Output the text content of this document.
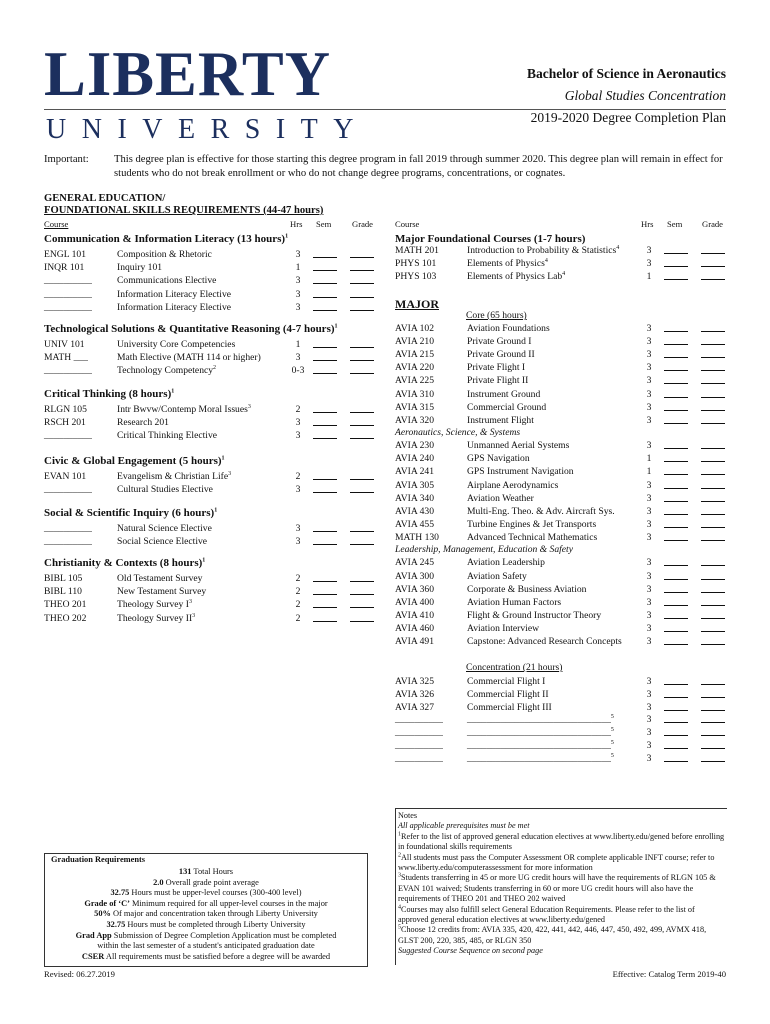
LIBERTY
UNIVERSITY
Bachelor of Science in Aeronautics
Global Studies Concentration
2019-2020 Degree Completion Plan
Important: This degree plan is effective for those starting this degree program in fall 2019 through summer 2020. This degree plan will remain in effect for students who do not break enrollment or who do not change degree programs, concentrations, or cognates.
GENERAL EDUCATION/
FOUNDATIONAL SKILLS REQUIREMENTS (44-47 hours)
Course	Hrs Sem Grade	Course	Hrs Sem Grade
Communication & Information Literacy (13 hours)$^1$
ENGL 101	Composition & Rhetoric	3
INQR 101	Inquiry 101	1
__________	Communications Elective	3
__________	Information Literacy Elective	3
__________	Information Literacy Elective	3
Technological Solutions & Quantitative Reasoning (4-7 hours)$^1$
UNIV 101	University Core Competencies	1
MATH ___	Math Elective (MATH 114 or higher)	3
__________	Technology Competency$^2$	0-3
Critical Thinking (8 hours)$^1$
RLGN 105	Intr Bwvw/Contemp Moral Issues$^3$	2
RSCH 201	Research 201	3
__________	Critical Thinking Elective	3
Civic & Global Engagement (5 hours)$^1$
EVAN 101	Evangelism & Christian Life$^3$	2
__________	Cultural Studies Elective	3
Social & Scientific Inquiry (6 hours)$^1$
__________	Natural Science Elective	3
__________	Social Science Elective	3
Christianity & Contexts (8 hours)$^1$
BIBL 105	Old Testament Survey	2
BIBL 110	New Testament Survey	2
THEO 201	Theology Survey $I^3$	2
THEO 202	Theology Survey $II^3$	2
Major Foundational Courses (1-7 hours)
MATH 201	Introduction to Probability & Statistics$^4$	3
PHYS 101	Elements of Physics$^4$	3
PHYS 103	Elements of Physics Lab$^4$	1
Core (65 hours)
AVIA 102	Aviation Foundations	3
AVIA 210	Private Ground I	3
AVIA 215	Private Ground II	3
AVIA 220	Private Flight I	3
AVIA 225	Private Flight II	3
AVIA 310	Instrument Ground	3
AVIA 315	Commercial Ground	3
AVIA 320	Instrument Flight	3
Aeronautics, Science, & Systems
AVIA 230	Unmanned Aerial Systems	3
AVIA 240	GPS Navigation	1
AVIA 241	GPS Instrument Navigation	1
AVIA 305	Airplane Aerodynamics	3
AVIA 340	Aviation Weather	3
AVIA 430	Multi-Eng. Theo. & Adv. Aircraft Sys.	3
AVIA 455	Turbine Engines & Jet Transports	3
MATH 130	Advanced Technical Mathematics	3
Leadership, Management, Education & Safety
AVIA 245	Aviation Leadership	3
AVIA 300	Aviation Safety	3
AVIA 360	Corporate & Business Aviation	3
AVIA 400	Aviation Human Factors	3
AVIA 410	Flight & Ground Instructor Theory	3
AVIA 460	Aviation Interview	3
AVIA 491	Capstone: Advanced Research Concepts	3
Concentration (21 hours)
AVIA 325	Commercial Flight I	3
AVIA 326	Commercial Flight II	3
AVIA 327	Commercial Flight III	3
__________	______________________________$^5$	3
__________	______________________________$^5$	3
__________	______________________________$^5$	3
__________	______________________________$^5$	3
MAJOR
Graduation Requirements
131 Total Hours
2.0 Overall grade point average
32.75 Hours must be upper-level courses (300-400 level)
Grade of ‘C’ Minimum required for all upper-level courses in the major
50% Of major and concentration taken through Liberty University
32.75 Hours must be completed through Liberty University
Grad App Submission of Degree Completion Application must be completed
within the last semester of a student's anticipated graduation date
CSER All requirements must be satisfied before a degree will be awarded
Notes
All applicable prerequisites must be met
$^1$Refer to the list of approved general education electives at www.liberty.edu/gened before enrolling in foundational skills requirements
$^2$All students must pass the Computer Assessment OR complete applicable INFT course; refer to www.liberty.edu/computerassessment for more information
$^3$Students transferring in 45 or more UG credit hours will have the requirements of RLGN 105 & EVAN 101 waived; Students transferring in 60 or more UG credit hours will also have the requirements of THEO 201 and THEO 202 waived
$^4$Courses may also fulfill select General Education Requirements. Please refer to the list of approved general education electives at www.liberty.edu/gened
$^5$Choose 12 credits from: AVIA 335, 420, 422, 441, 442, 446, 447, 450, 492, 499, AVMX 418, GLST 200, 220, 385, 485, or RLGN 350
Suggested Course Sequence on second page
Revised: 06.27.2019	Effective: Catalog Term 2019-40
